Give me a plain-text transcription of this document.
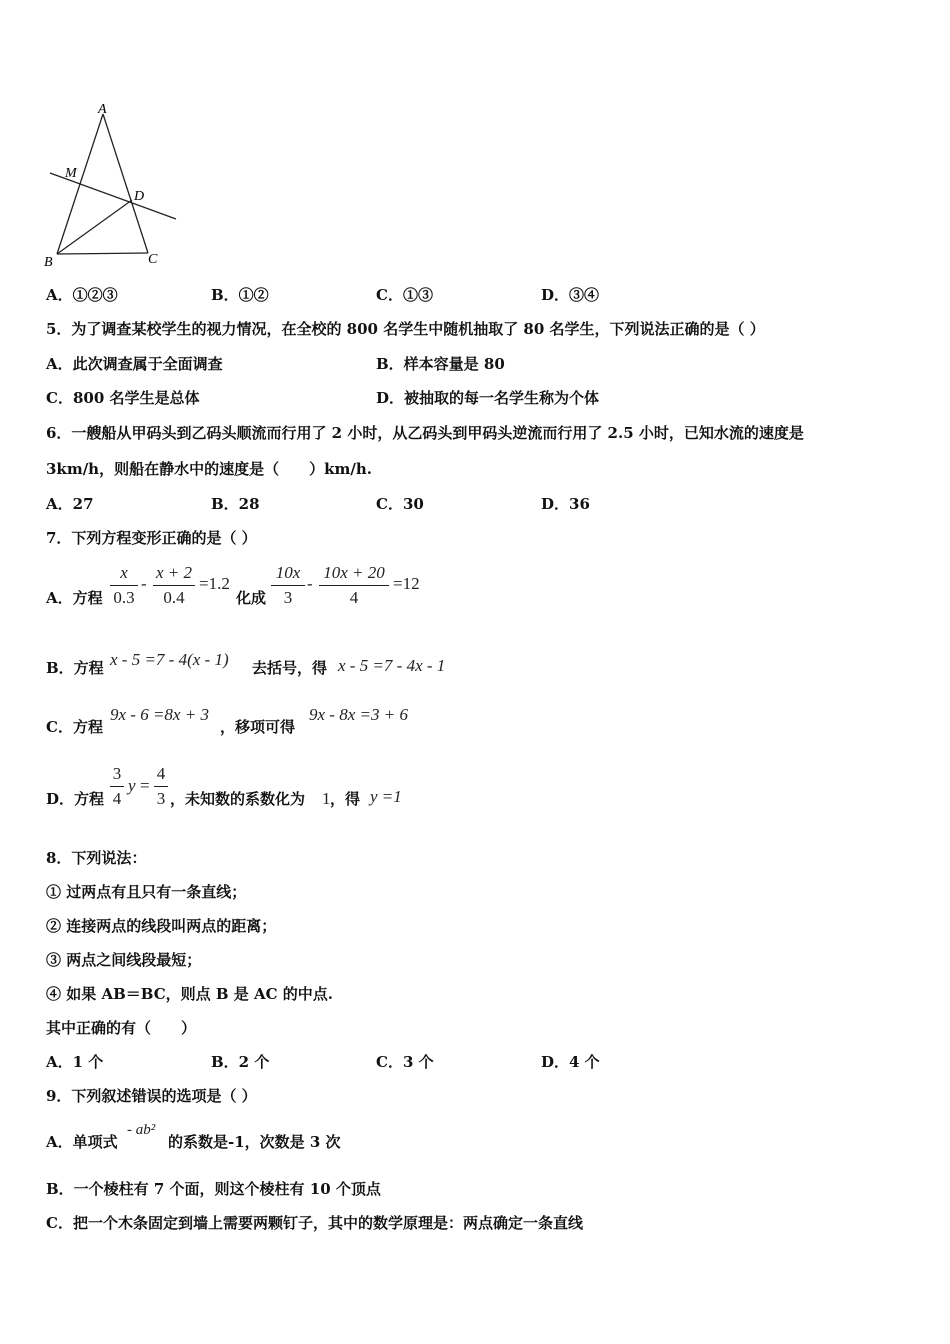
A
M
D
B	C
A．①②③	B．①②	C．①③	D．③④
5．为了调查某校学生的视力情况，在全校的 800 名学生中随机抽取了 80 名学生，下列说法正确的是（ ）
A．此次调查属于全面调查	B．样本容量是 80
C．800 名学生是总体	D．被抽取的每一名学生称为个体
6．一艘船从甲码头到乙码头顺流而行用了 2 小时，从乙码头到甲码头逆流而行用了 2.5 小时，已知水流的速度是
3km/h，则船在静水中的速度是（　　）km/h.
A．27	B．28	C．30	D．36
7．下列方程变形正确的是（ ）
A．方程
x
0.3
-
x + 2
0.4
=1.2
化成
10x
3
-
10x + 20
4
=12
B．方程 x - 5 =7 - 4(x - 1) 去括号，得 x - 5 =7 - 4x - 1
C．方程
9x - 6 =8x + 3
，移项可得
9x - 8x =3 + 6
D．方程
3
4
y =
4
3 ，未知数的系数化为 1 ，得 y =1
8．下列说法：
① 过两点有且只有一条直线；
② 连接两点的线段叫两点的距离；
③ 两点之间线段最短；
④ 如果 AB＝BC，则点 B 是 AC 的中点.
其中正确的有（　　）
A．1 个	B．2 个	C．3 个	D．4 个
9．下列叙述错误的选项是（ ）
A．单项式
- ab²
的系数是-1，次数是 3 次
B．一个棱柱有 7 个面，则这个棱柱有 10 个顶点
C．把一个木条固定到墙上需要两颗钉子，其中的数学原理是：两点确定一条直线
